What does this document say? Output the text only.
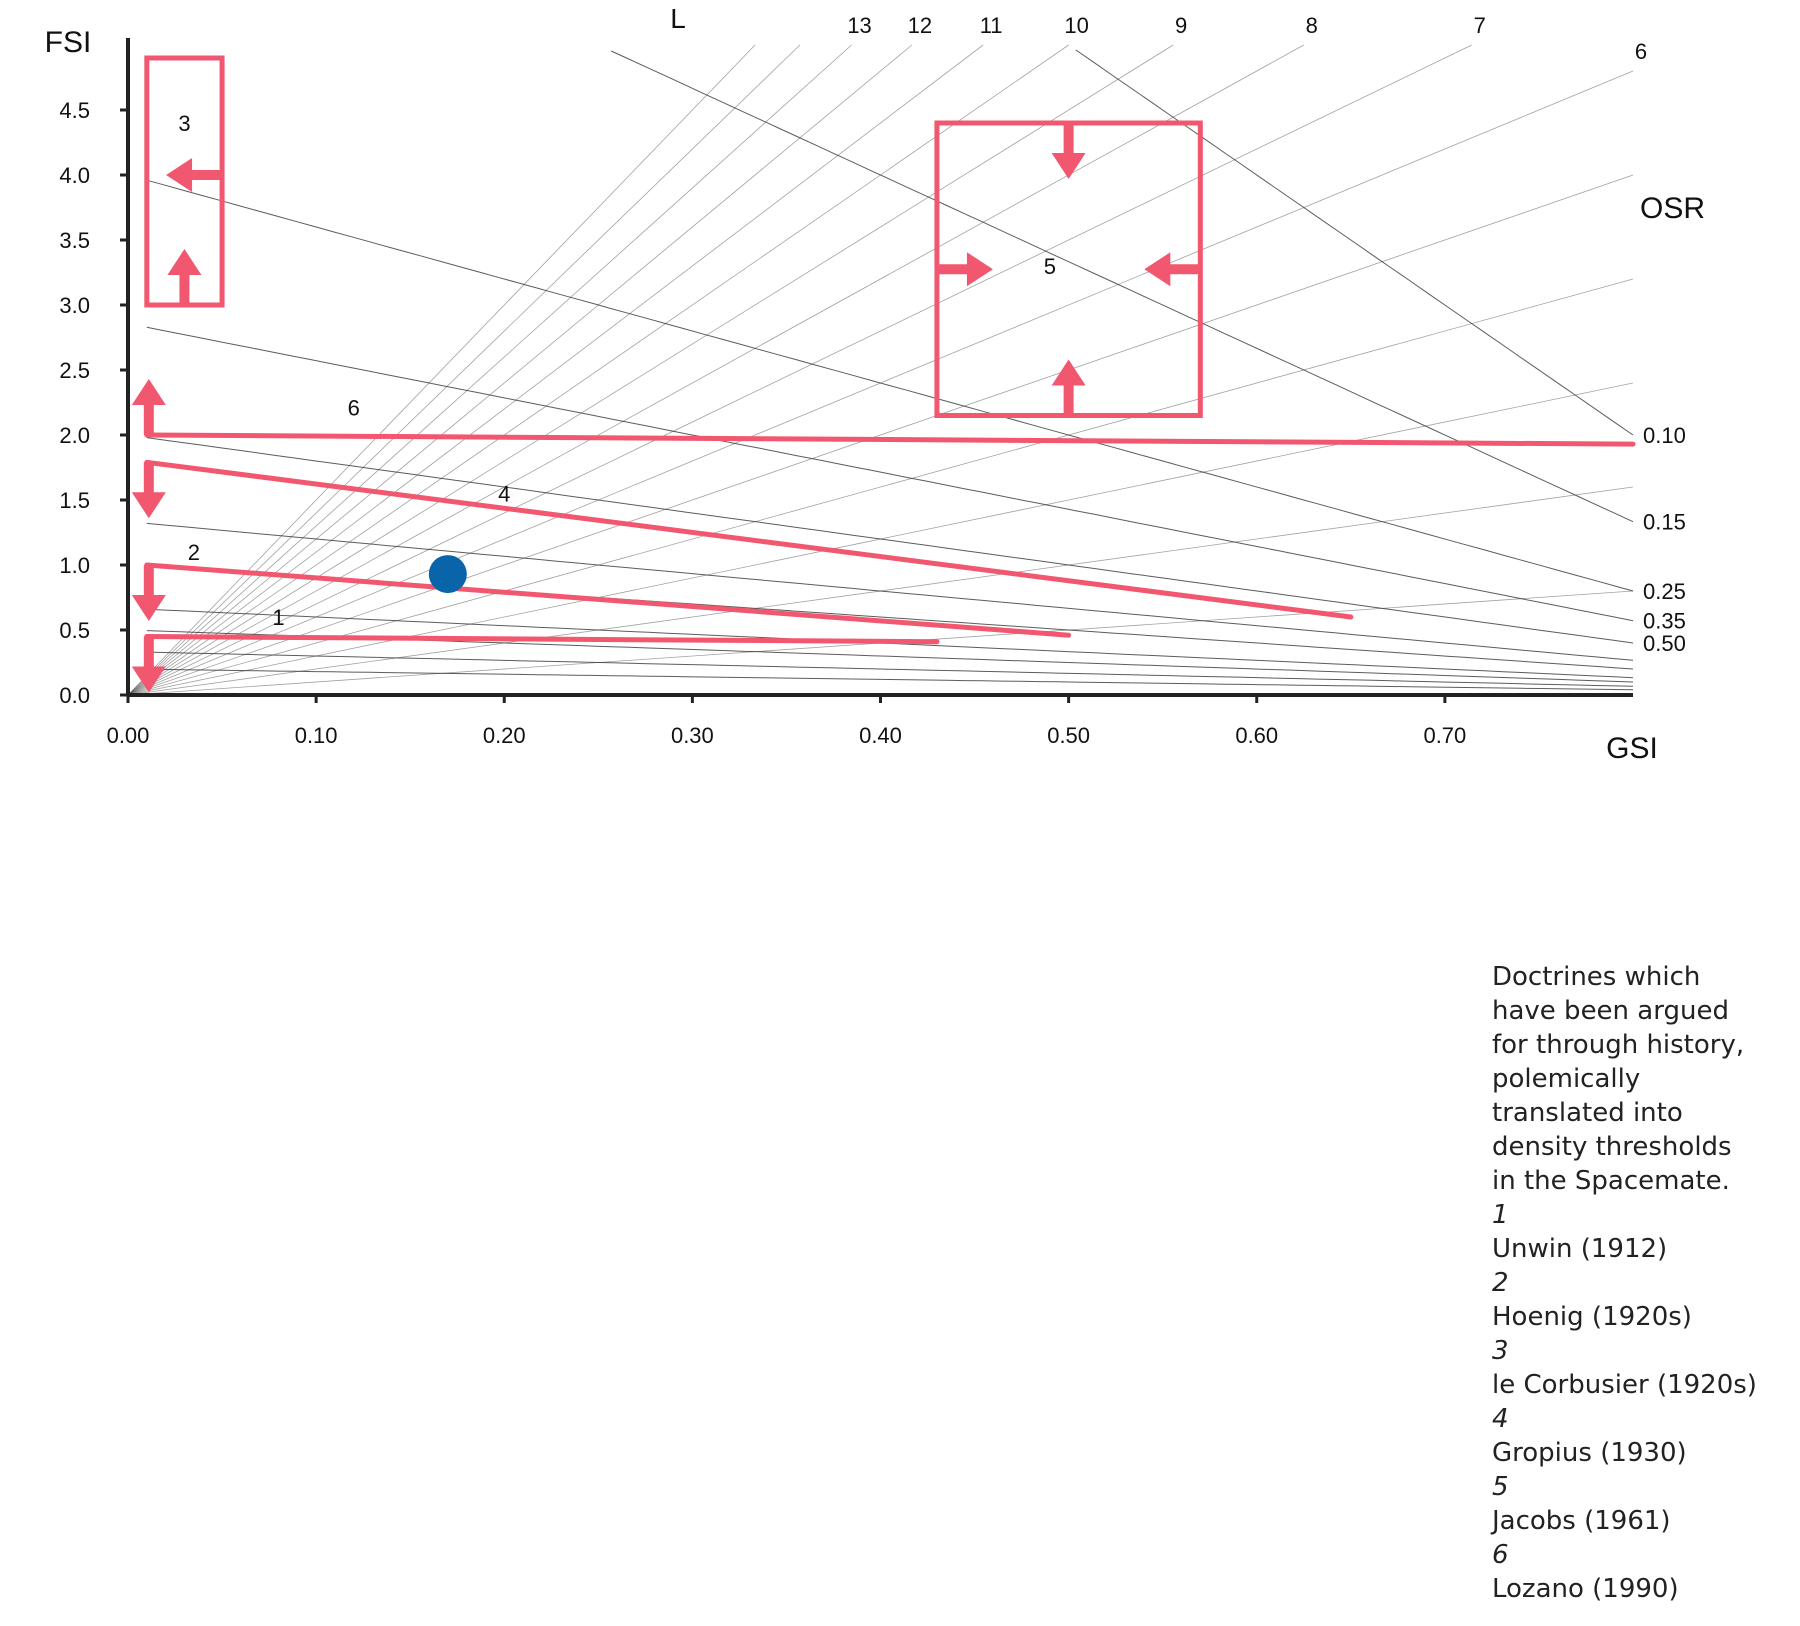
0.00	0.10	0.20	0.30	0.40	0.50	0.60	0.70
0.0
0.5
1.0
1.5
2.0
2.5
3.0
3.5
4.0
4.5
13 12 11	10	9	8	7
6
L
0.10
0.15
0.25
0.35
0.50
OSR
FSI
GSI
1
2
3
4
5
6
Doctrines which
have been argued
for through history,
polemically
translated into
density thresholds
in the Spacemate.
1
Unwin (1912)
2
Hoenig (1920s)
3
le Corbusier (1920s)
4
Gropius (1930)
5
Jacobs (1961)
6
Lozano (1990)
